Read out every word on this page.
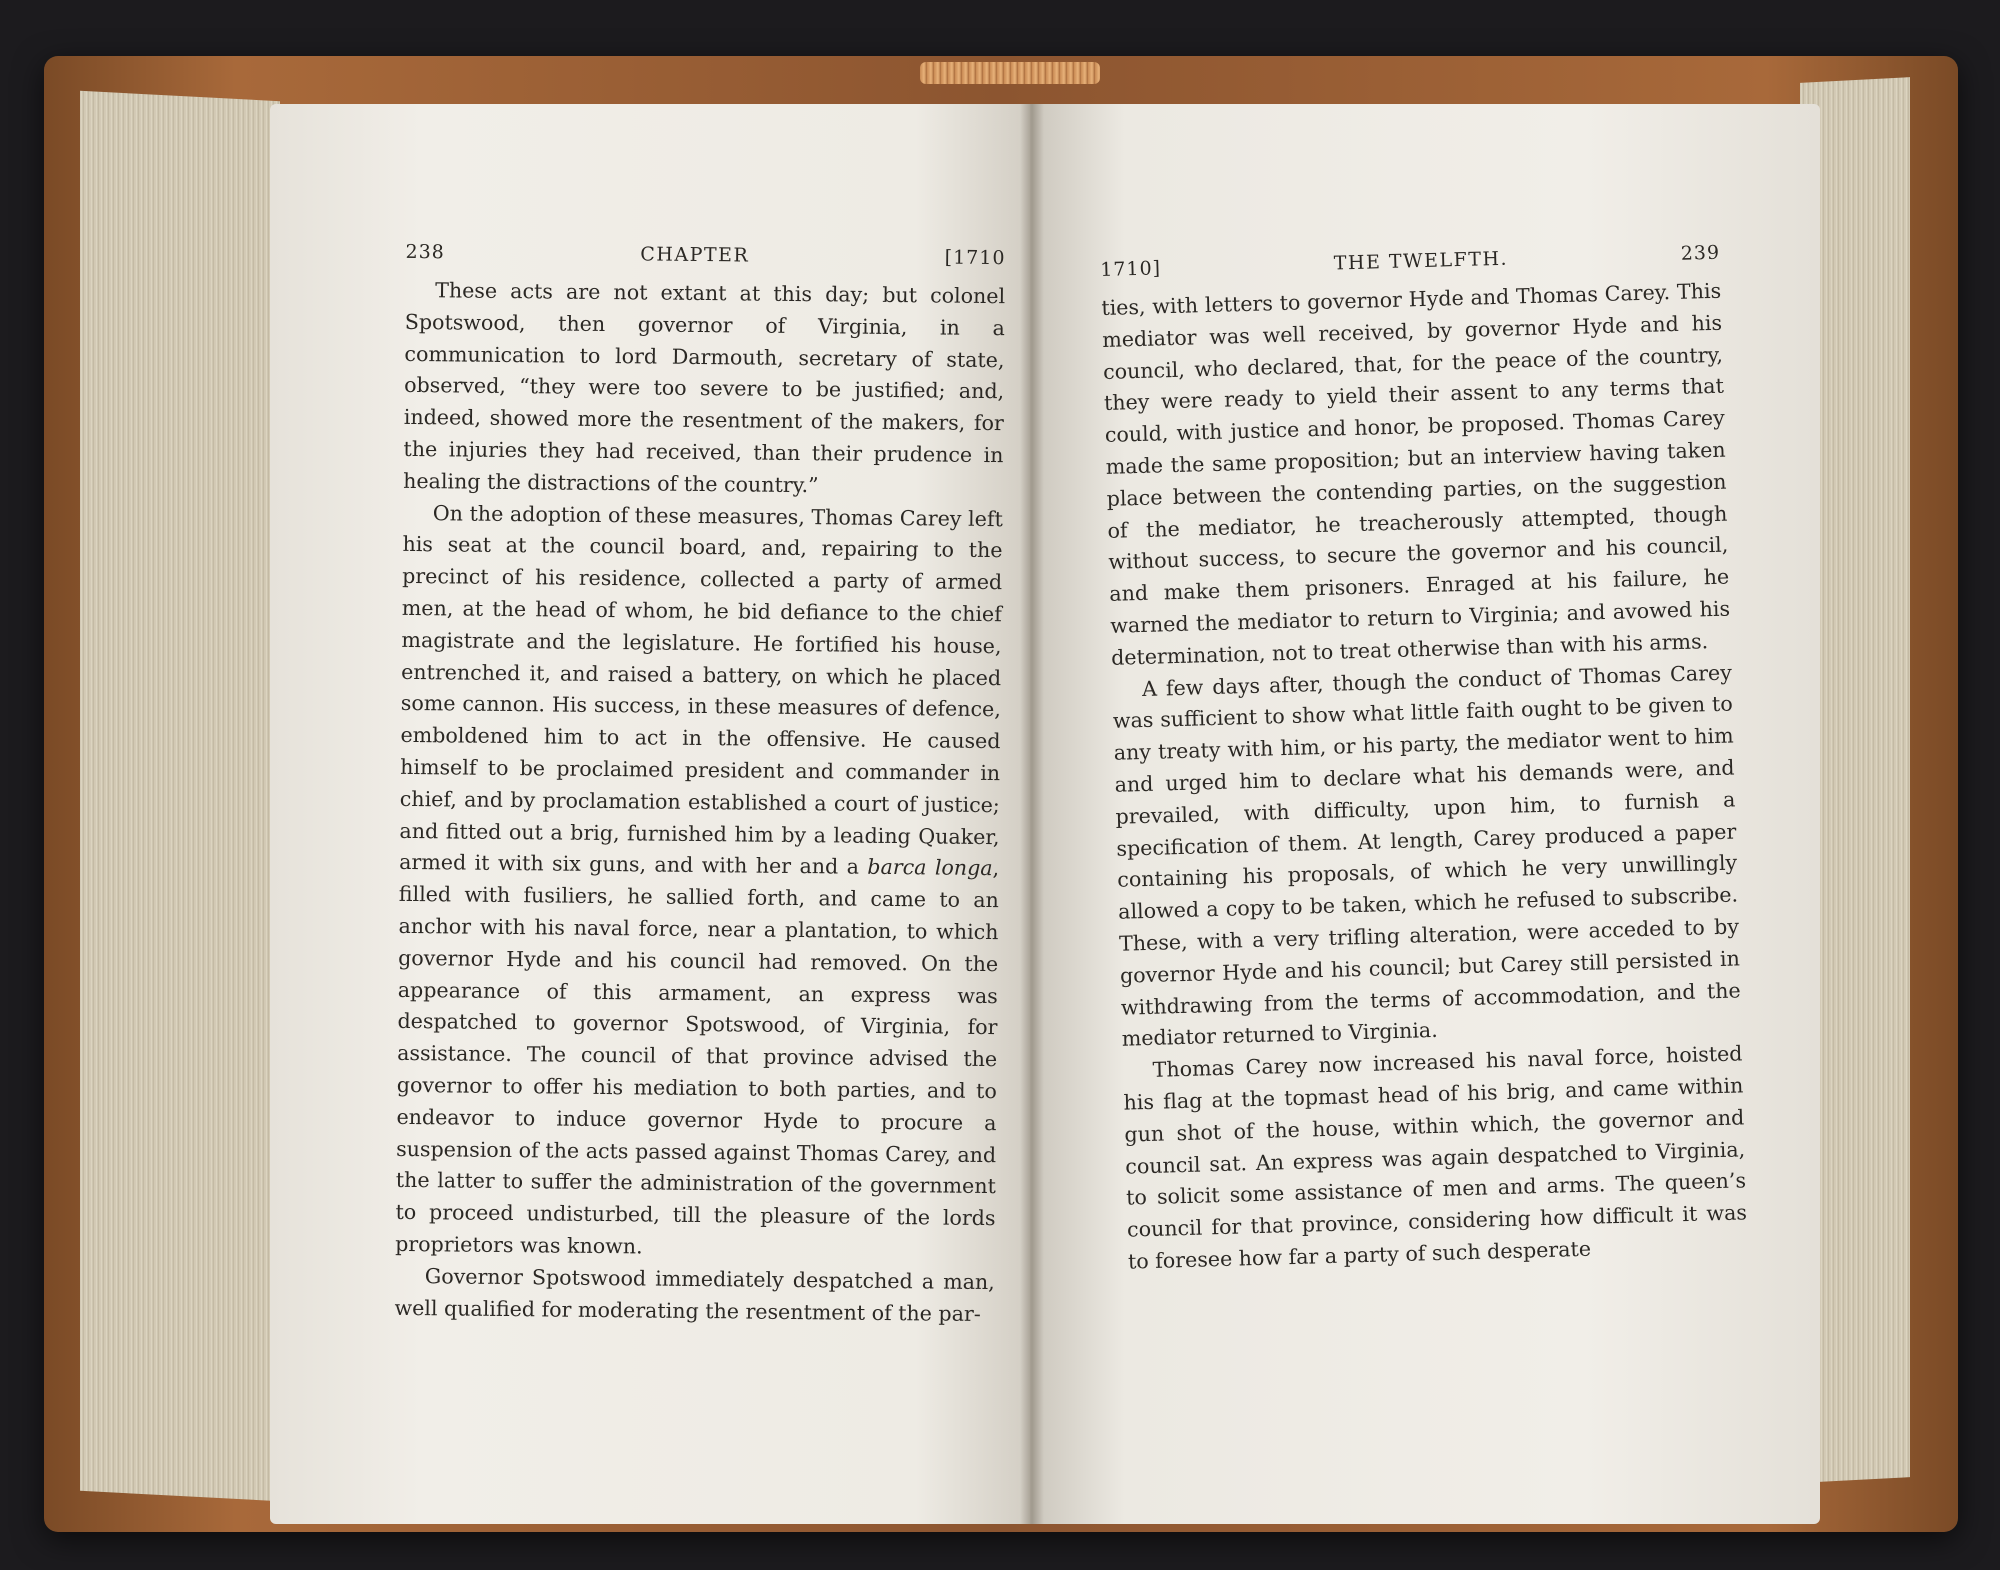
238	CHAPTER	[1710

These acts are not extant at this day; but colonel Spotswood, then governor of Virginia, in a communication to lord Darmouth, secretary of state, observed, “they were too severe to be justified; and, indeed, showed more the resentment of the makers, for the injuries they had received, than their prudence in healing the distractions of the country.”

On the adoption of these measures, Thomas Carey left his seat at the council board, and, repairing to the precinct of his residence, collected a party of armed men, at the head of whom, he bid defiance to the chief magistrate and the legislature. He fortified his house, entrenched it, and raised a battery, on which he placed some cannon. His success, in these measures of defence, emboldened him to act in the offensive. He caused himself to be proclaimed president and commander in chief, and by proclamation established a court of justice; and fitted out a brig, furnished him by a leading Quaker, armed it with six guns, and with her and a barca longa, filled with fusiliers, he sallied forth, and came to an anchor with his naval force, near a plantation, to which governor Hyde and his council had removed. On the appearance of this armament, an express was despatched to governor Spotswood, of Virginia, for assistance. The council of that province advised the governor to offer his mediation to both parties, and to endeavor to induce governor Hyde to procure a suspension of the acts passed against Thomas Carey, and the latter to suffer the administration of the government to proceed undisturbed, till the pleasure of the lords proprietors was known.

Governor Spotswood immediately despatched a man, well qualified for moderating the resentment of the par-

1710]	THE TWELFTH.	239

ties, with letters to governor Hyde and Thomas Carey. This mediator was well received, by governor Hyde and his council, who declared, that, for the peace of the country, they were ready to yield their assent to any terms that could, with justice and honor, be proposed. Thomas Carey made the same proposition; but an interview having taken place between the contending parties, on the suggestion of the mediator, he treacherously attempted, though without success, to secure the governor and his council, and make them prisoners. Enraged at his failure, he warned the mediator to return to Virginia; and avowed his determination, not to treat otherwise than with his arms.

A few days after, though the conduct of Thomas Carey was sufficient to show what little faith ought to be given to any treaty with him, or his party, the mediator went to him and urged him to declare what his demands were, and prevailed, with difficulty, upon him, to furnish a specification of them. At length, Carey produced a paper containing his proposals, of which he very unwillingly allowed a copy to be taken, which he refused to subscribe. These, with a very trifling alteration, were acceded to by governor Hyde and his council; but Carey still persisted in withdrawing from the terms of accommodation, and the mediator returned to Virginia.

Thomas Carey now increased his naval force, hoisted his flag at the topmast head of his brig, and came within gun shot of the house, within which, the governor and council sat. An express was again despatched to Virginia, to solicit some assistance of men and arms. The queen’s council for that province, considering how difficult it was to foresee how far a party of such desperate
